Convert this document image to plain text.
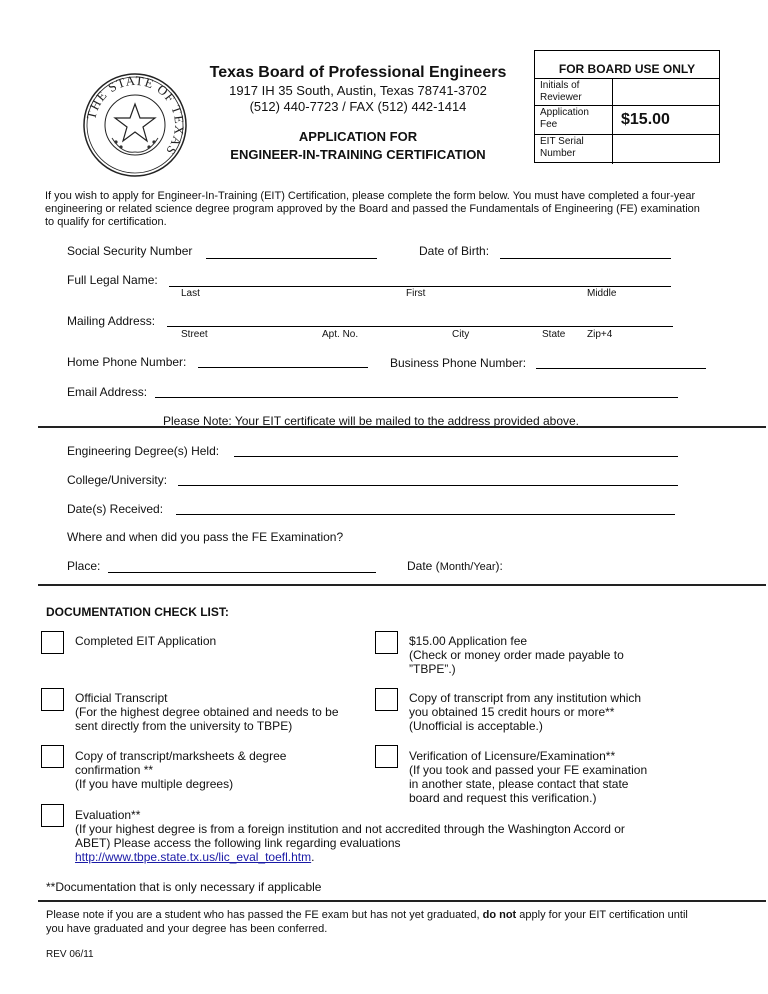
THE STATE OF TEXAS
Texas Board of Professional Engineers
1917 IH 35 South, Austin, Texas 78741-3702
(512) 440-7723 / FAX (512) 442-1414
APPLICATION FOR
ENGINEER-IN-TRAINING CERTIFICATION
FOR BOARD USE ONLY
Initials of
Reviewer
Application
Fee	$15.00
EIT Serial
Number
If you wish to apply for Engineer-In-Training (EIT) Certification, please complete the form below. You must have completed a four-year
engineering or related science degree program approved by the Board and passed the Fundamentals of Engineering (FE) examination
to qualify for certification.
Social Security Number	Date of Birth:
Full Legal Name:
Last	First	Middle
Mailing Address:
Street	Apt. No.	City	State Zip+4
Home Phone Number:	Business Phone Number:
Email Address:
Please Note: Your EIT certificate will be mailed to the address provided above.
Engineering Degree(s) Held:
College/University:
Date(s) Received:
Where and when did you pass the FE Examination?
Place:	Date (Month/Year):
DOCUMENTATION CHECK LIST:
Completed EIT Application	$15.00 Application fee
(Check or money order made payable to
”TBPE”.)
Official Transcript
(For the highest degree obtained and needs to be
sent directly from the university to TBPE)
Copy of transcript from any institution which
you obtained 15 credit hours or more**
(Unofficial is acceptable.)
Copy of transcript/marksheets & degree
confirmation **
(If you have multiple degrees)
Verification of Licensure/Examination**
(If you took and passed your FE examination
in another state, please contact that state
board and request this verification.)
Evaluation**
(If your highest degree is from a foreign institution and not accredited through the Washington Accord or
ABET) Please access the following link regarding evaluations
http://www.tbpe.state.tx.us/lic_eval_toefl.htm.
**Documentation that is only necessary if applicable
Please note if you are a student who has passed the FE exam but has not yet graduated, do not apply for your EIT certification until
you have graduated and your degree has been conferred.
REV 06/11
